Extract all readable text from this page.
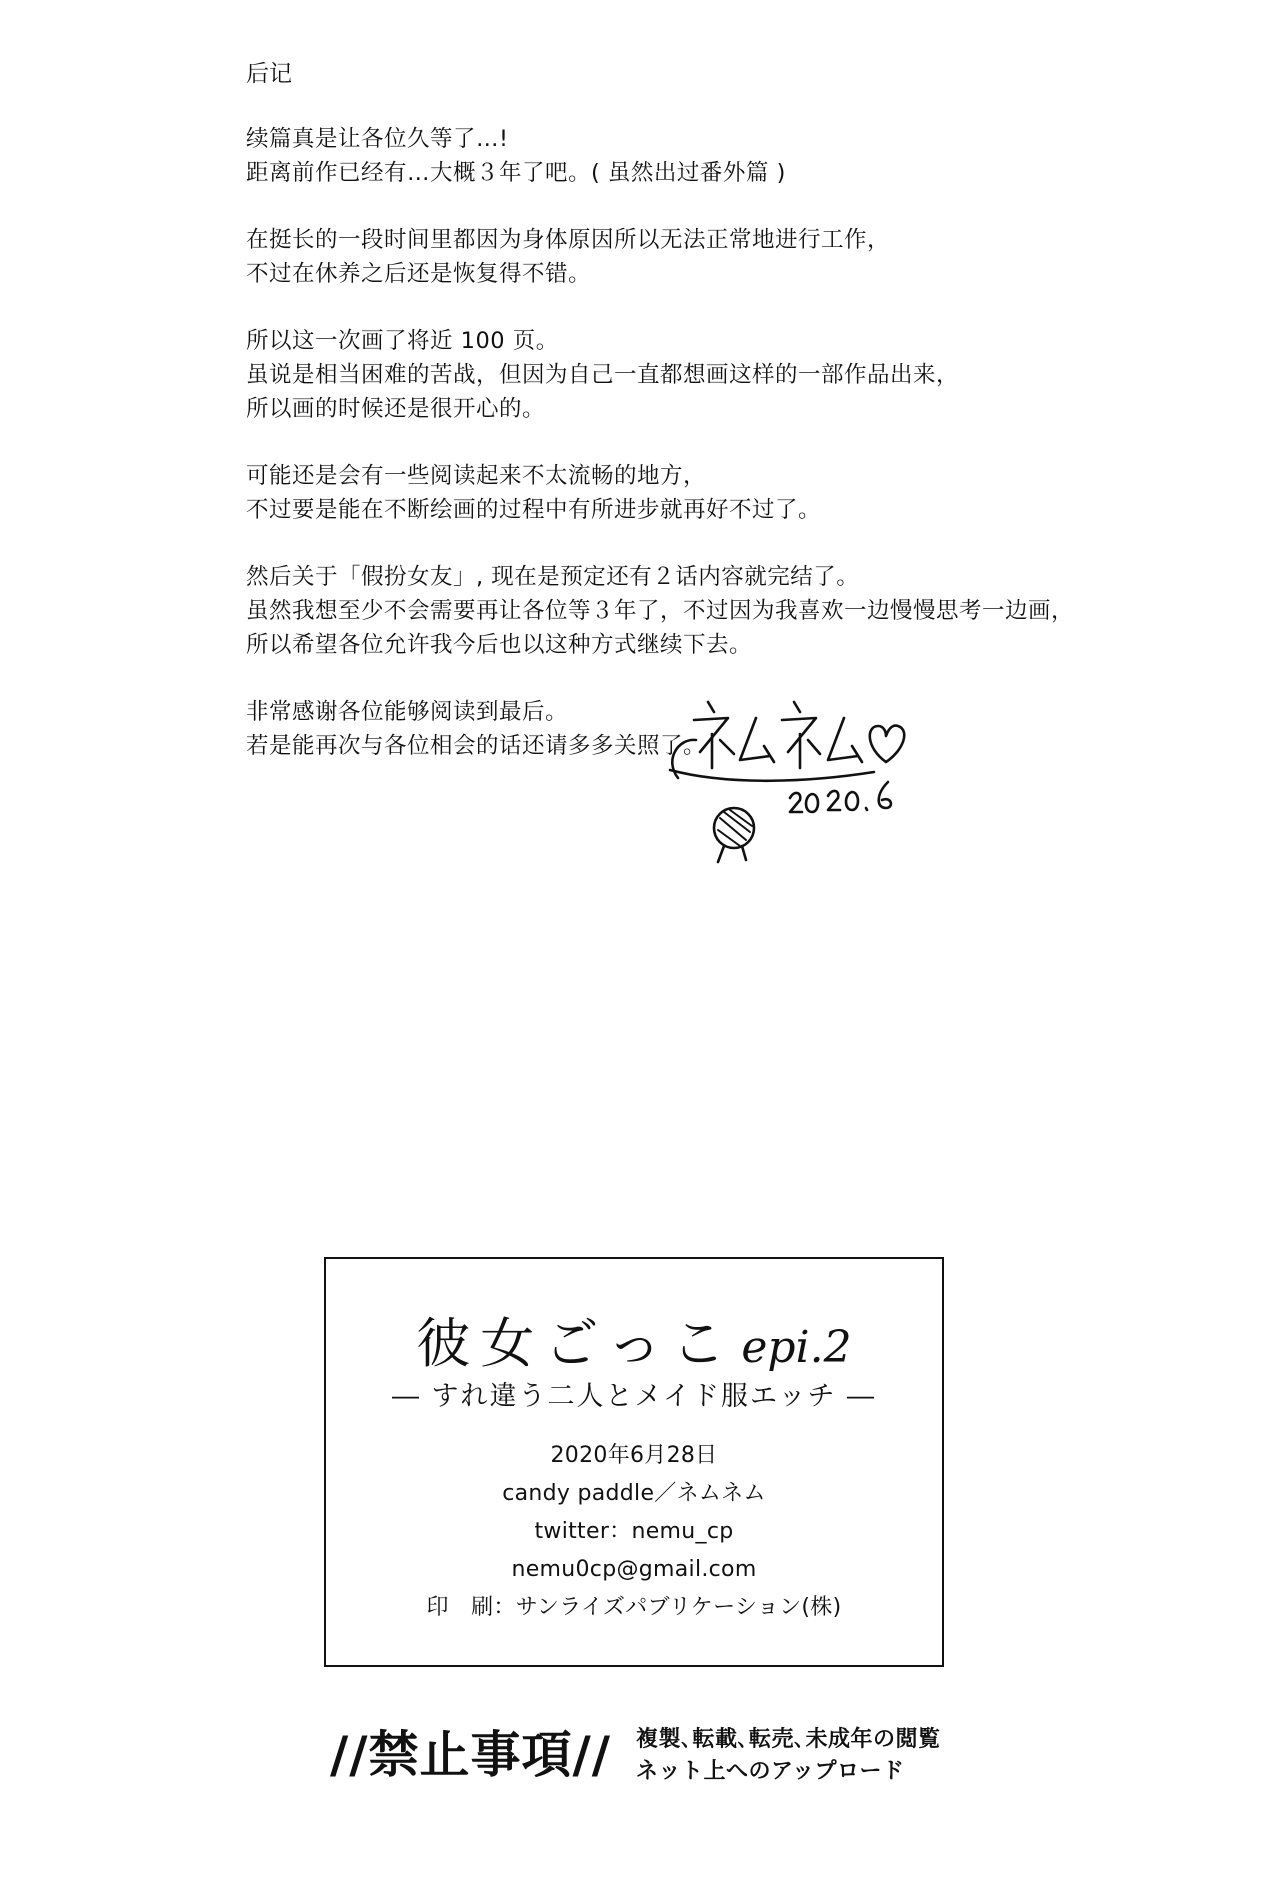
后记
续篇真是让各位久等了…!
距离前作已经有…大概３年了吧。( 虽然出过番外篇 )
在挺长的一段时间里都因为身体原因所以无法正常地进行工作，
不过在休养之后还是恢复得不错。
所以这一次画了将近 100 页。
虽说是相当困难的苦战，但因为自己一直都想画这样的一部作品出来，
所以画的时候还是很开心的。
可能还是会有一些阅读起来不太流畅的地方，
不过要是能在不断绘画的过程中有所进步就再好不过了。
然后关于「假扮女友」, 现在是预定还有２话内容就完结了。
虽然我想至少不会需要再让各位等３年了，不过因为我喜欢一边慢慢思考一边画，
所以希望各位允许我今后也以这种方式继续下去。
非常感谢各位能够阅读到最后。
若是能再次与各位相会的话还请多多关照了。
彼女ごっこ epi.2
― すれ違う二人とメイド服エッチ ―
2020年6月28日
candy paddle／ネムネム
twitter：nemu_cp
nemu0cp@gmail.com
印　刷：サンライズパブリケーション(株)
//禁止事項// 複製､転載､転売､未成年の閲覧
ネット上へのアップロード
